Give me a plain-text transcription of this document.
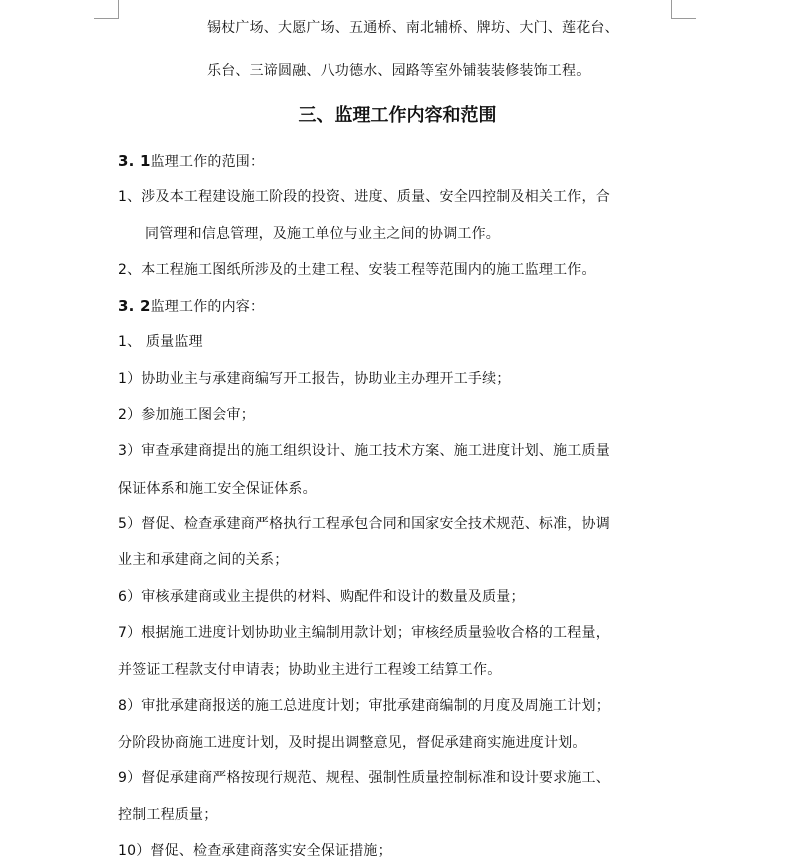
锡杖广场、大愿广场、五通桥、南北辅桥、牌坊、大门、莲花台、
乐台、三谛圆融、八功德水、园路等室外铺装装修装饰工程。
三、监理工作内容和范围
3. 1监理工作的范围：
1、涉及本工程建设施工阶段的投资、进度、质量、安全四控制及相关工作，合
同管理和信息管理，及施工单位与业主之间的协调工作。
2、本工程施工图纸所涉及的土建工程、安装工程等范围内的施工监理工作。
3. 2监理工作的内容：
1、 质量监理
1）协助业主与承建商编写开工报告，协助业主办理开工手续；
2）参加施工图会审；
3）审查承建商提出的施工组织设计、施工技术方案、施工进度计划、施工质量
保证体系和施工安全保证体系。
5）督促、检查承建商严格执行工程承包合同和国家安全技术规范、标准，协调
业主和承建商之间的关系；
6）审核承建商或业主提供的材料、购配件和设计的数量及质量；
7）根据施工进度计划协助业主编制用款计划；审核经质量验收合格的工程量，
并签证工程款支付申请表；协助业主进行工程竣工结算工作。
8）审批承建商报送的施工总进度计划；审批承建商编制的月度及周施工计划；
分阶段协商施工进度计划，及时提出调整意见，督促承建商实施进度计划。
9）督促承建商严格按现行规范、规程、强制性质量控制标准和设计要求施工、
控制工程质量；
10）督促、检查承建商落实安全保证措施；
